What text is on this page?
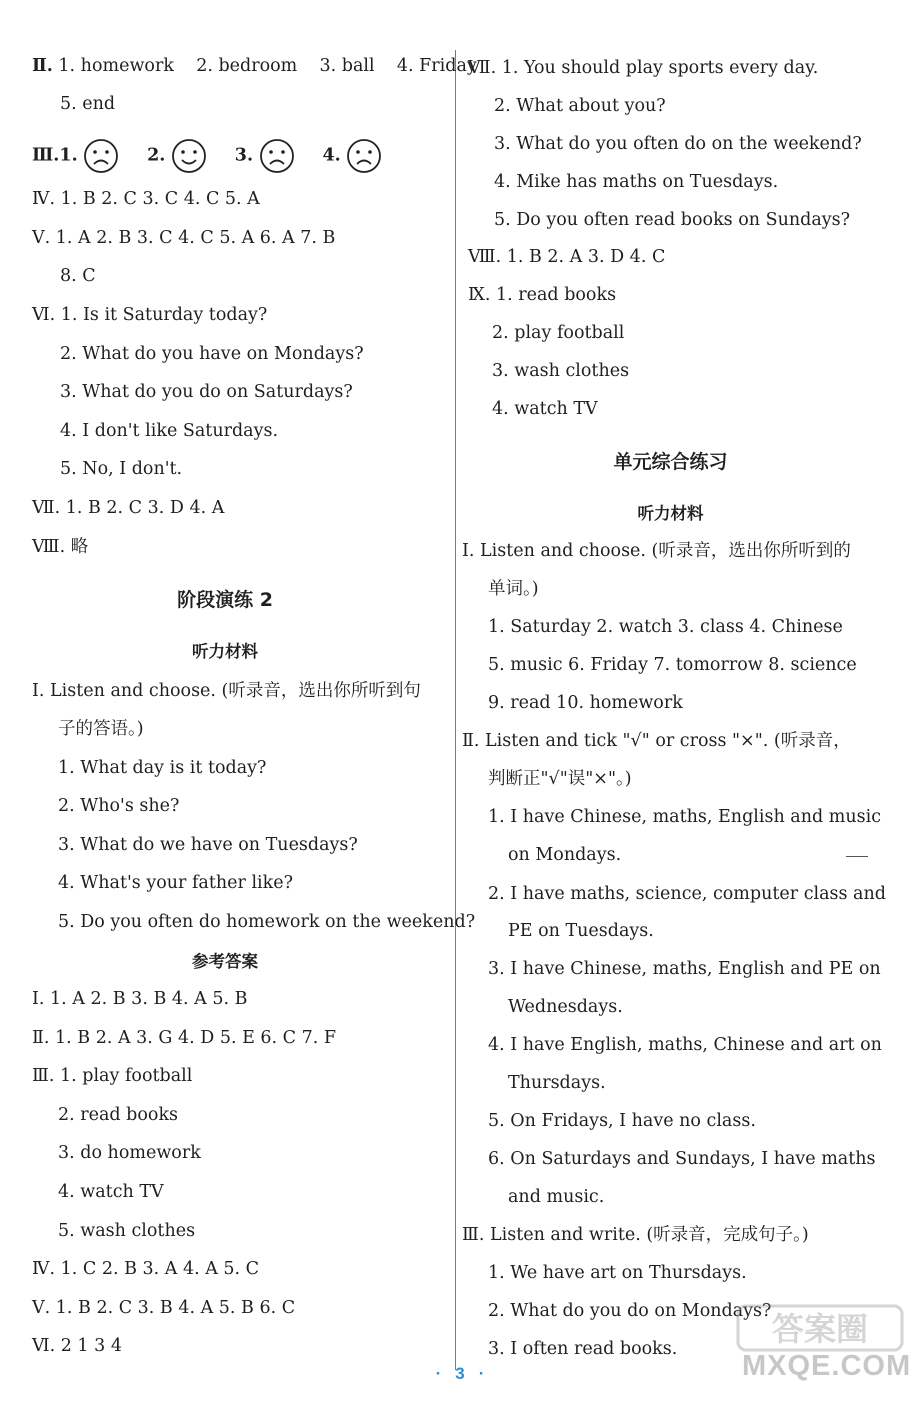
Ⅱ. 1. homework 2. bedroom 3. ball 4. Friday
5. end
Ⅲ.1.	2.	3.	4.
Ⅳ. 1. B 2. C 3. C 4. C 5. A
Ⅴ. 1. A 2. B 3. C 4. C 5. A 6. A 7. B
8. C
Ⅵ. 1. Is it Saturday today?
2. What do you have on Mondays?
3. What do you do on Saturdays?
4. I don't like Saturdays.
5. No, I don't.
Ⅶ. 1. B 2. C 3. D 4. A
Ⅷ. 略
阶段演练 2
听力材料
Ⅰ. Listen and choose. (听录音，选出你所听到句
子的答语。)
1. What day is it today?
2. Who's she?
3. What do we have on Tuesdays?
4. What's your father like?
5. Do you often do homework on the weekend?
参考答案
Ⅰ. 1. A 2. B 3. B 4. A 5. B
Ⅱ. 1. B 2. A 3. G 4. D 5. E 6. C 7. F
Ⅲ. 1. play football
2. read books
3. do homework
4. watch TV
5. wash clothes
Ⅳ. 1. C 2. B 3. A 4. A 5. C
Ⅴ. 1. B 2. C 3. B 4. A 5. B 6. C
Ⅵ. 2 1 3 4
Ⅶ. 1. You should play sports every day.
2. What about you?
3. What do you often do on the weekend?
4. Mike has maths on Tuesdays.
5. Do you often read books on Sundays?
Ⅷ. 1. B 2. A 3. D 4. C
Ⅸ. 1. read books
2. play football
3. wash clothes
4. watch TV
单元综合练习
听力材料
Ⅰ. Listen and choose. (听录音，选出你所听到的
单词。)
1. Saturday 2. watch 3. class 4. Chinese
5. music 6. Friday 7. tomorrow 8. science
9. read 10. homework
Ⅱ. Listen and tick "√" or cross "×". (听录音，
判断正"√"误"×"。)
1. I have Chinese, maths, English and music
on Mondays.
2. I have maths, science, computer class and
PE on Tuesdays.
3. I have Chinese, maths, English and PE on
Wednesdays.
4. I have English, maths, Chinese and art on
Thursdays.
5. On Fridays, I have no class.
6. On Saturdays and Sundays, I have maths
and music.
Ⅲ. Listen and write. (听录音，完成句子。)
1. We have art on Thursdays.
2. What do you do on Mondays?
3. I often read books.
答案圈
MXQE.COM
· 3 ·
